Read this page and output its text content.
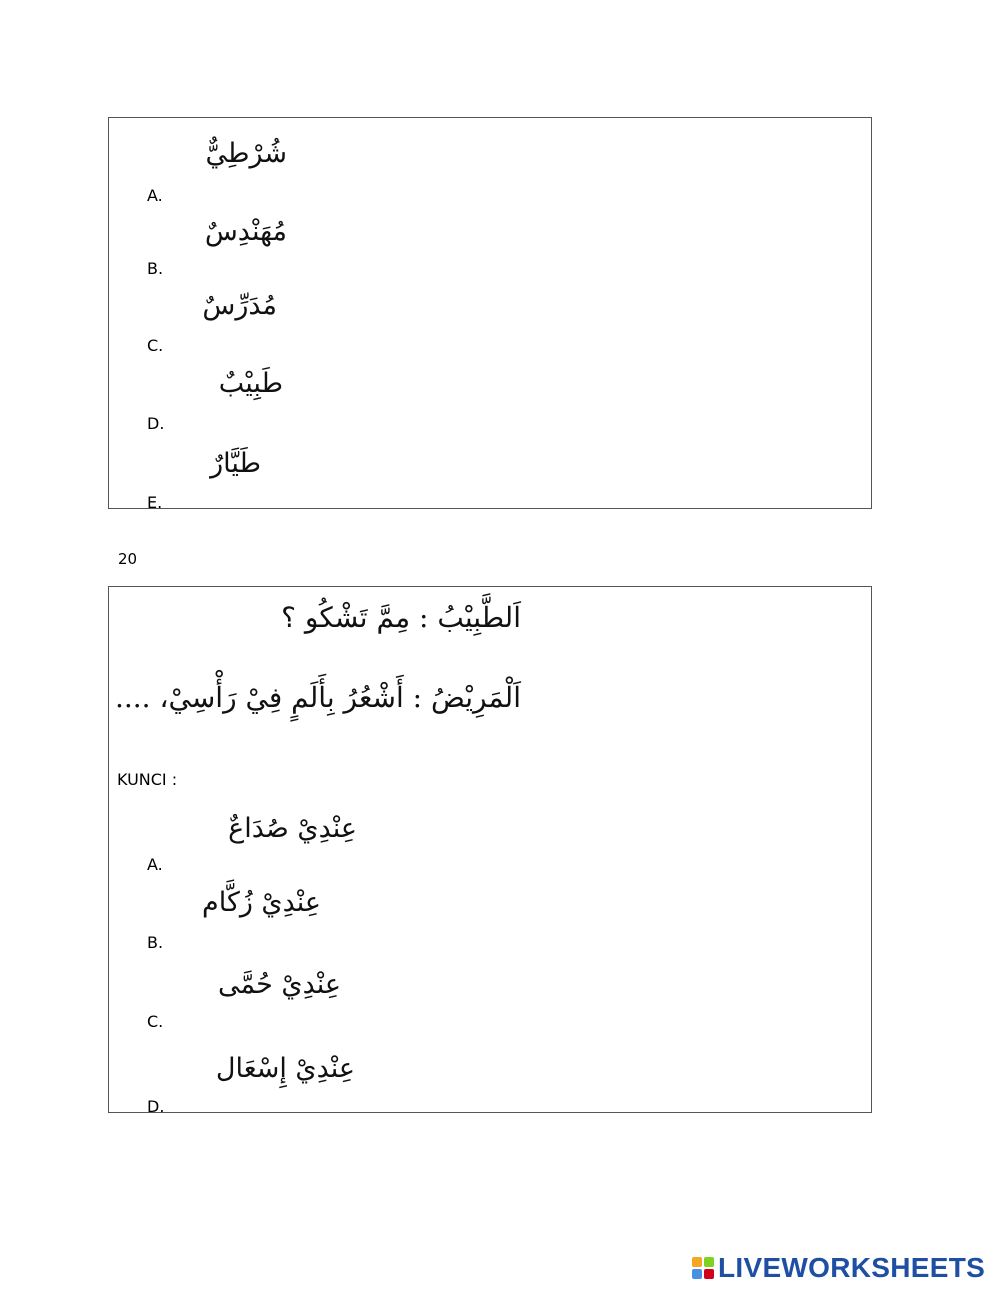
شُرْطِيٌّ
A.
مُهَنْدِسٌ
B.
مُدَرِّسٌ
C.
طَبِيْبٌ
D.
طَيَّارٌ
E.
20
اَلطَّبِيْبُ : مِمَّ تَشْكُو ؟
اَلْمَرِيْضُ : أَشْعُرُ بِأَلَمٍ فِيْ رَأْسِيْ، ....
KUNCI :
عِنْدِيْ صُدَاعٌ
A.
عِنْدِيْ زُكَّام
B.
عِنْدِيْ حُمَّى
C.
عِنْدِيْ إِسْعَال
D.
LIVEWORKSHEETS
